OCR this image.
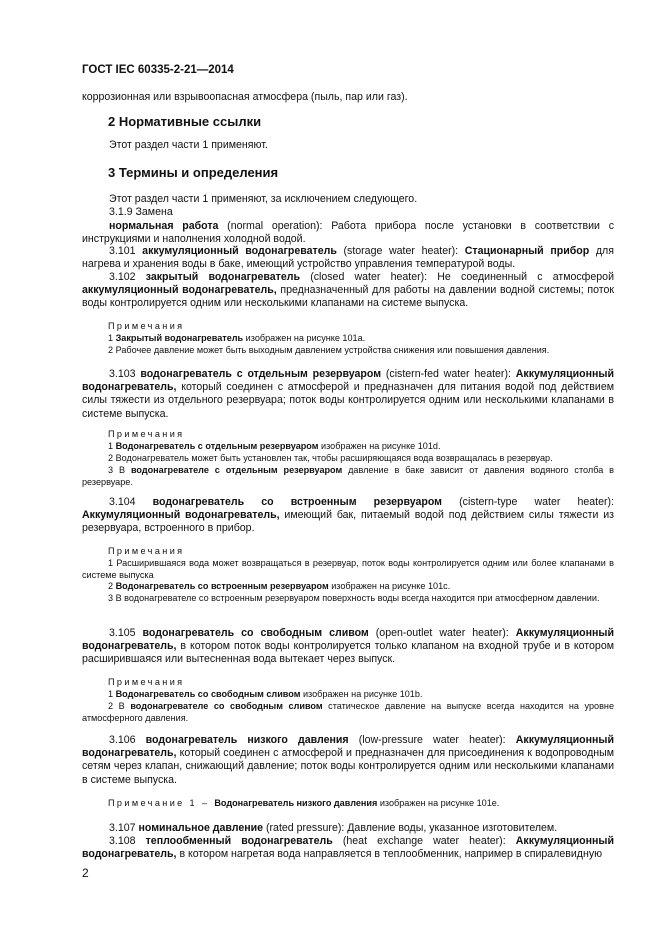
ГОСТ IEC 60335-2-21—2014
коррозионная или взрывоопасная атмосфера (пыль, пар или газ).
2 Нормативные ссылки
Этот раздел части 1 применяют.
3 Термины и определения
Этот раздел части 1 применяют, за исключением следующего.
3.1.9 Замена
нормальная работа (normal operation): Работа прибора после установки в соответствии с инструкциями и наполнения холодной водой.
3.101 аккумуляционный водонагреватель (storage water heater): Стационарный прибор для нагрева и хранения воды в баке, имеющий устройство управления температурой воды.
3.102 закрытый водонагреватель (closed water heater): Не соединенный с атмосферой аккумуляционный водонагреватель, предназначенный для работы на давлении водной системы; поток воды контролируется одним или несколькими клапанами на системе выпуска.
Примечания
1 Закрытый водонагреватель изображен на рисунке 101a.
2 Рабочее давление может быть выходным давлением устройства снижения или повышения давления.
3.103 водонагреватель с отдельным резервуаром (cistern-fed water heater): Аккумуляционный водонагреватель, который соединен с атмосферой и предназначен для питания водой под действием силы тяжести из отдельного резервуара; поток воды контролируется одним или несколькими клапанами в системе выпуска.
Примечания
1 Водонагреватель с отдельным резервуаром изображен на рисунке 101d.
2 Водонагреватель может быть установлен так, чтобы расширяющаяся вода возвращалась в резервуар.
3 В водонагревателе с отдельным резервуаром давление в баке зависит от давления водяного столба в резервуаре.
3.104 водонагреватель со встроенным резервуаром (cistern-type water heater): Аккумуляционный водонагреватель, имеющий бак, питаемый водой под действием силы тяжести из резервуара, встроенного в прибор.
Примечания
1 Расширившаяся вода может возвращаться в резервуар, поток воды контролируется одним или более клапанами в системе выпуска
2 Водонагреватель со встроенным резервуаром изображен на рисунке 101c.
3 В водонагревателе со встроенным резервуаром поверхность воды всегда находится при атмосферном давлении.
3.105 водонагреватель со свободным сливом (open-outlet water heater): Аккумуляционный водонагреватель, в котором поток воды контролируется только клапаном на входной трубе и в котором расширившаяся или вытесненная вода вытекает через выпуск.
Примечания
1 Водонагреватель со свободным сливом изображен на рисунке 101b.
2 В водонагревателе со свободным сливом статическое давление на выпуске всегда находится на уровне атмосферного давления.
3.106 водонагреватель низкого давления (low-pressure water heater): Аккумуляционный водонагреватель, который соединен с атмосферой и предназначен для присоединения к водопроводным сетям через клапан, снижающий давление; поток воды контролируется одним или несколькими клапанами в системе выпуска.
Примечание 1 – Водонагреватель низкого давления изображен на рисунке 101e.
3.107 номинальное давление (rated pressure): Давление воды, указанное изготовителем.
3.108 теплообменный водонагреватель (heat exchange water heater): Аккумуляционный водонагреватель, в котором нагретая вода направляется в теплообменник, например в спиралевидную
2
